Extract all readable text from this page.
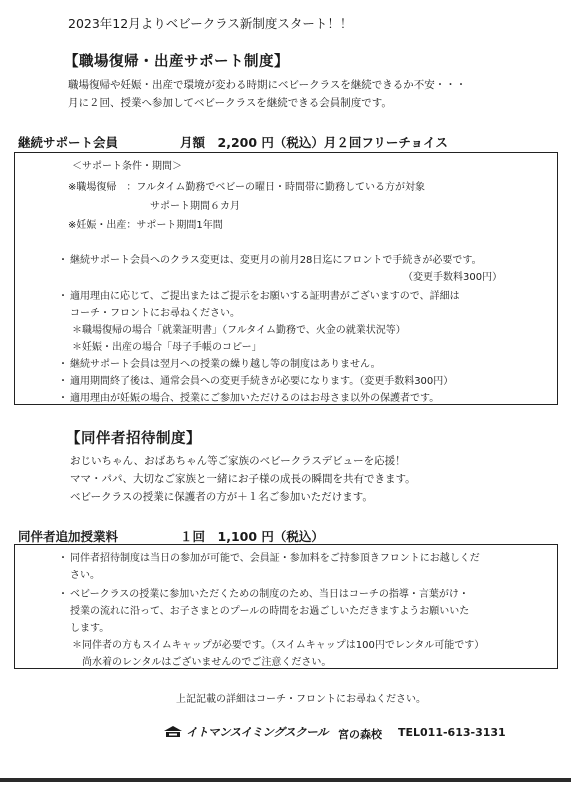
2023年12月よりベビークラス新制度スタート！！
【職場復帰・出産サポート制度】
職場復帰や妊娠・出産で環境が変わる時期にベビークラスを継続できるか不安・・・
月に２回、授業へ参加してベビークラスを継続できる会員制度です。
継続サポート会員	月額　2,200 円（税込）月２回フリーチョイス
＜サポート条件・期間＞
※職場復帰　：フルタイム勤務でベビーの曜日・時間帯に勤務している方が対象
サポート期間６カ月
※妊娠・出産：サポート期間1年間
・ 継続サポート会員へのクラス変更は、変更月の前月28日迄にフロントで手続きが必要です。
（変更手数料300円）
・ 適用理由に応じて、ご提出またはご提示をお願いする証明書がございますので、詳細は
コーチ・フロントにお尋ねください。
＊職場復帰の場合「就業証明書」（フルタイム勤務で、火金の就業状況等）
＊妊娠・出産の場合「母子手帳のコピー」
・ 継続サポート会員は翌月への授業の繰り越し等の制度はありません。
・ 適用期間終了後は、通常会員への変更手続きが必要になります。（変更手数料300円）
・ 適用理由が妊娠の場合、授業にご参加いただけるのはお母さま以外の保護者です。
【同伴者招待制度】
おじいちゃん、おばあちゃん等ご家族のベビークラスデビューを応援！
ママ・パパ、大切なご家族と一緒にお子様の成長の瞬間を共有できます。
ベビークラスの授業に保護者の方が＋１名ご参加いただけます。
同伴者追加授業料	１回　1,100 円（税込）
・ 同伴者招待制度は当日の参加が可能で、会員証・参加料をご持参頂きフロントにお越しくだ
さい。
・ ベビークラスの授業に参加いただくための制度のため、当日はコーチの指導・言葉がけ・
授業の流れに沿って、お子さまとのプールの時間をお過ごしいただきますようお願いいた
します。
＊同伴者の方もスイムキャップが必要です。（スイムキャップは100円でレンタル可能です）
尚水着のレンタルはございませんのでご注意ください。
上記記載の詳細はコーチ・フロントにお尋ねください。
イトマンスイミングスクール 宮の森校 TEL011-613-3131
